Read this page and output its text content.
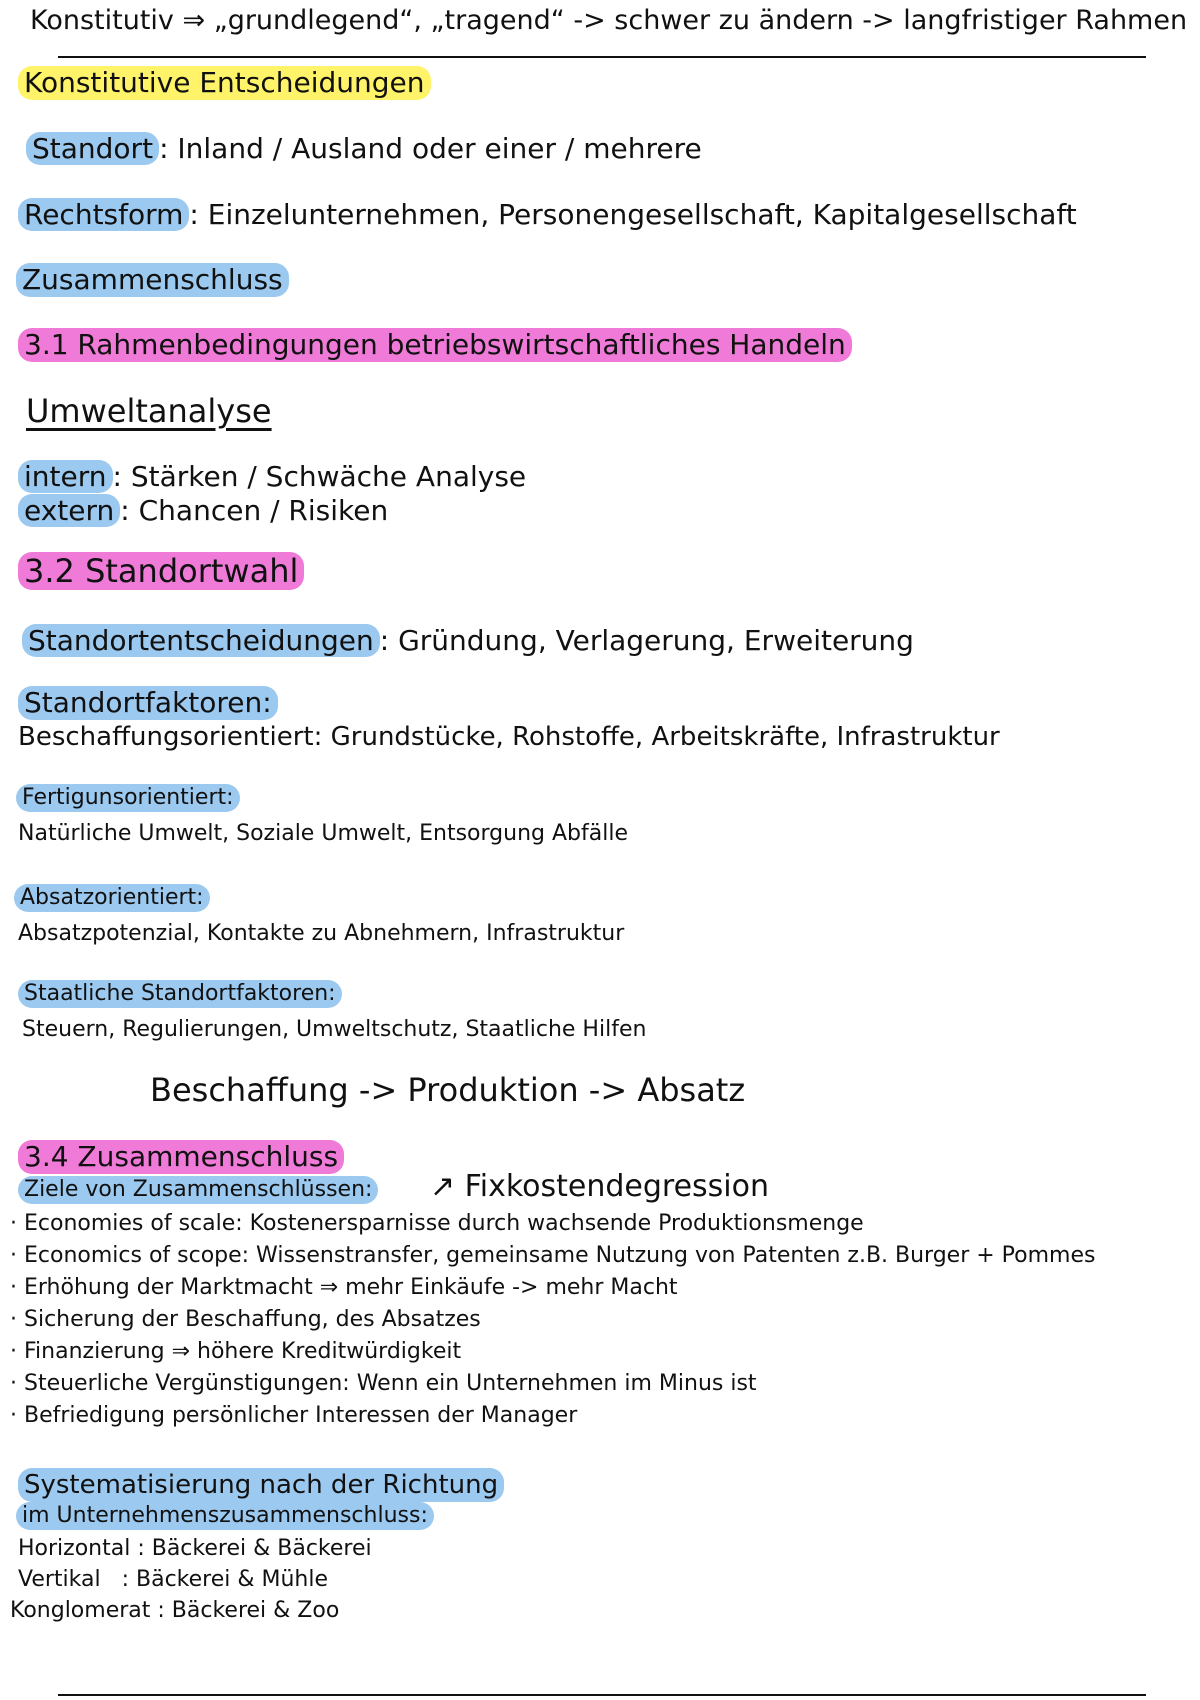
Konstitutiv ⇒ „grundlegend“, „tragend“ -> schwer zu ändern -> langfristiger Rahmen
Konstitutive Entscheidungen
Standort : Inland / Ausland oder einer / mehrere
Rechtsform : Einzelunternehmen, Personengesellschaft, Kapitalgesellschaft
Zusammenschluss
3.1 Rahmenbedingungen betriebswirtschaftliches Handeln
Umweltanalyse
intern : Stärken / Schwäche Analyse
extern : Chancen / Risiken
3.2 Standortwahl
Standortentscheidungen : Gründung, Verlagerung, Erweiterung
Standortfaktoren:
Beschaffungsorientiert: Grundstücke, Rohstoffe, Arbeitskräfte, Infrastruktur
Fertigunsorientiert:
Natürliche Umwelt, Soziale Umwelt, Entsorgung Abfälle
Absatzorientiert:
Absatzpotenzial, Kontakte zu Abnehmern, Infrastruktur
Staatliche Standortfaktoren:
Steuern, Regulierungen, Umweltschutz, Staatliche Hilfen
Beschaffung -> Produktion -> Absatz
3.4 Zusammenschluss
Ziele von Zusammenschlüssen: ↗ Fixkostendegression
· Economies of scale: Kostenersparnisse durch wachsende Produktionsmenge
· Economics of scope: Wissenstransfer, gemeinsame Nutzung von Patenten z.B. Burger + Pommes
· Erhöhung der Marktmacht ⇒ mehr Einkäufe -> mehr Macht
· Sicherung der Beschaffung, des Absatzes
· Finanzierung ⇒ höhere Kreditwürdigkeit
· Steuerliche Vergünstigungen: Wenn ein Unternehmen im Minus ist
· Befriedigung persönlicher Interessen der Manager
Systematisierung nach der Richtung
im Unternehmenszusammenschluss:
Horizontal : Bäckerei & Bäckerei
Vertikal   : Bäckerei & Mühle
Konglomerat : Bäckerei & Zoo
